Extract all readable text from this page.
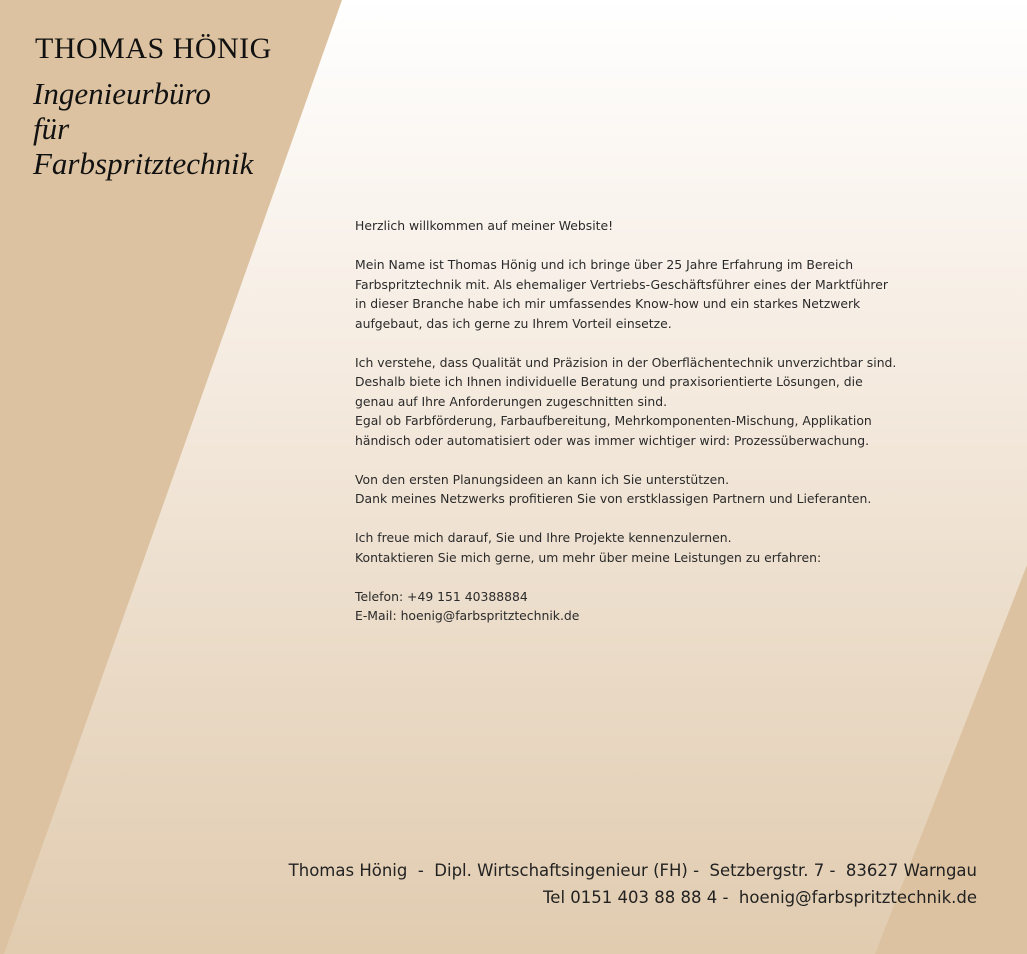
THOMAS HÖNIG
Ingenieurbüro
für
Farbspritztechnik

Herzlich willkommen auf meiner Website!

Mein Name ist Thomas Hönig und ich bringe über 25 Jahre Erfahrung im Bereich
Farbspritztechnik mit. Als ehemaliger Vertriebs-Geschäftsführer eines der Marktführer
in dieser Branche habe ich mir umfassendes Know-how und ein starkes Netzwerk
aufgebaut, das ich gerne zu Ihrem Vorteil einsetze.

Ich verstehe, dass Qualität und Präzision in der Oberflächentechnik unverzichtbar sind.
Deshalb biete ich Ihnen individuelle Beratung und praxisorientierte Lösungen, die
genau auf Ihre Anforderungen zugeschnitten sind.
Egal ob Farbförderung, Farbaufbereitung, Mehrkomponenten-Mischung, Applikation
händisch oder automatisiert oder was immer wichtiger wird: Prozessüberwachung.

Von den ersten Planungsideen an kann ich Sie unterstützen.
Dank meines Netzwerks profitieren Sie von erstklassigen Partnern und Lieferanten.

Ich freue mich darauf, Sie und Ihre Projekte kennenzulernen.
Kontaktieren Sie mich gerne, um mehr über meine Leistungen zu erfahren:

Telefon: +49 151 40388884
E-Mail: hoenig@farbspritztechnik.de

Thomas Hönig  -  Dipl. Wirtschaftsingenieur (FH) -  Setzbergstr. 7 -  83627 Warngau
Tel 0151 403 88 88 4 -  hoenig@farbspritztechnik.de
